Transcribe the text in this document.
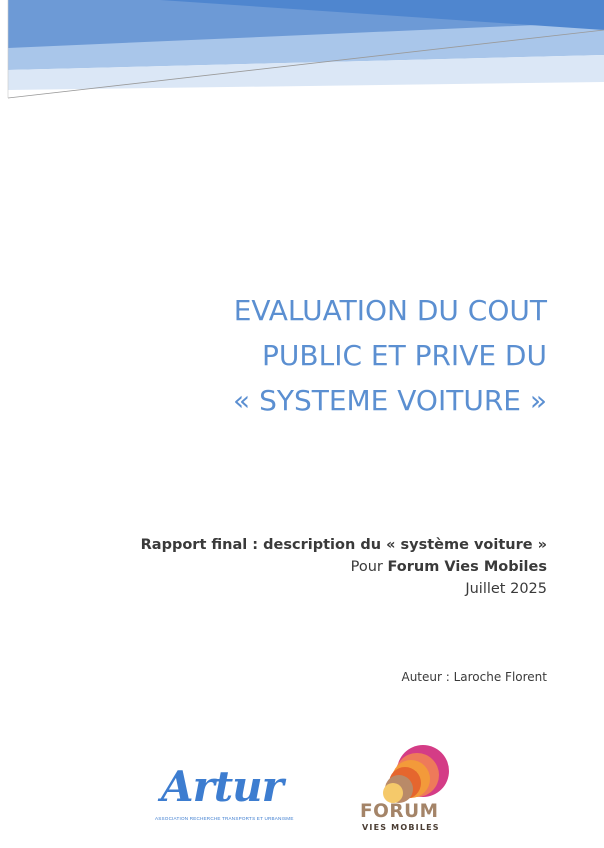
EVALUATION DU COUT
PUBLIC ET PRIVE DU
« SYSTEME VOITURE »
Rapport final : description du « système voiture »
Pour Forum Vies Mobiles
Juillet 2025
Auteur : Laroche Florent
Artur
ASSOCIATION RECHERCHE TRANSPORTS ET URBANISME	FORUM
VIES MOBILES
